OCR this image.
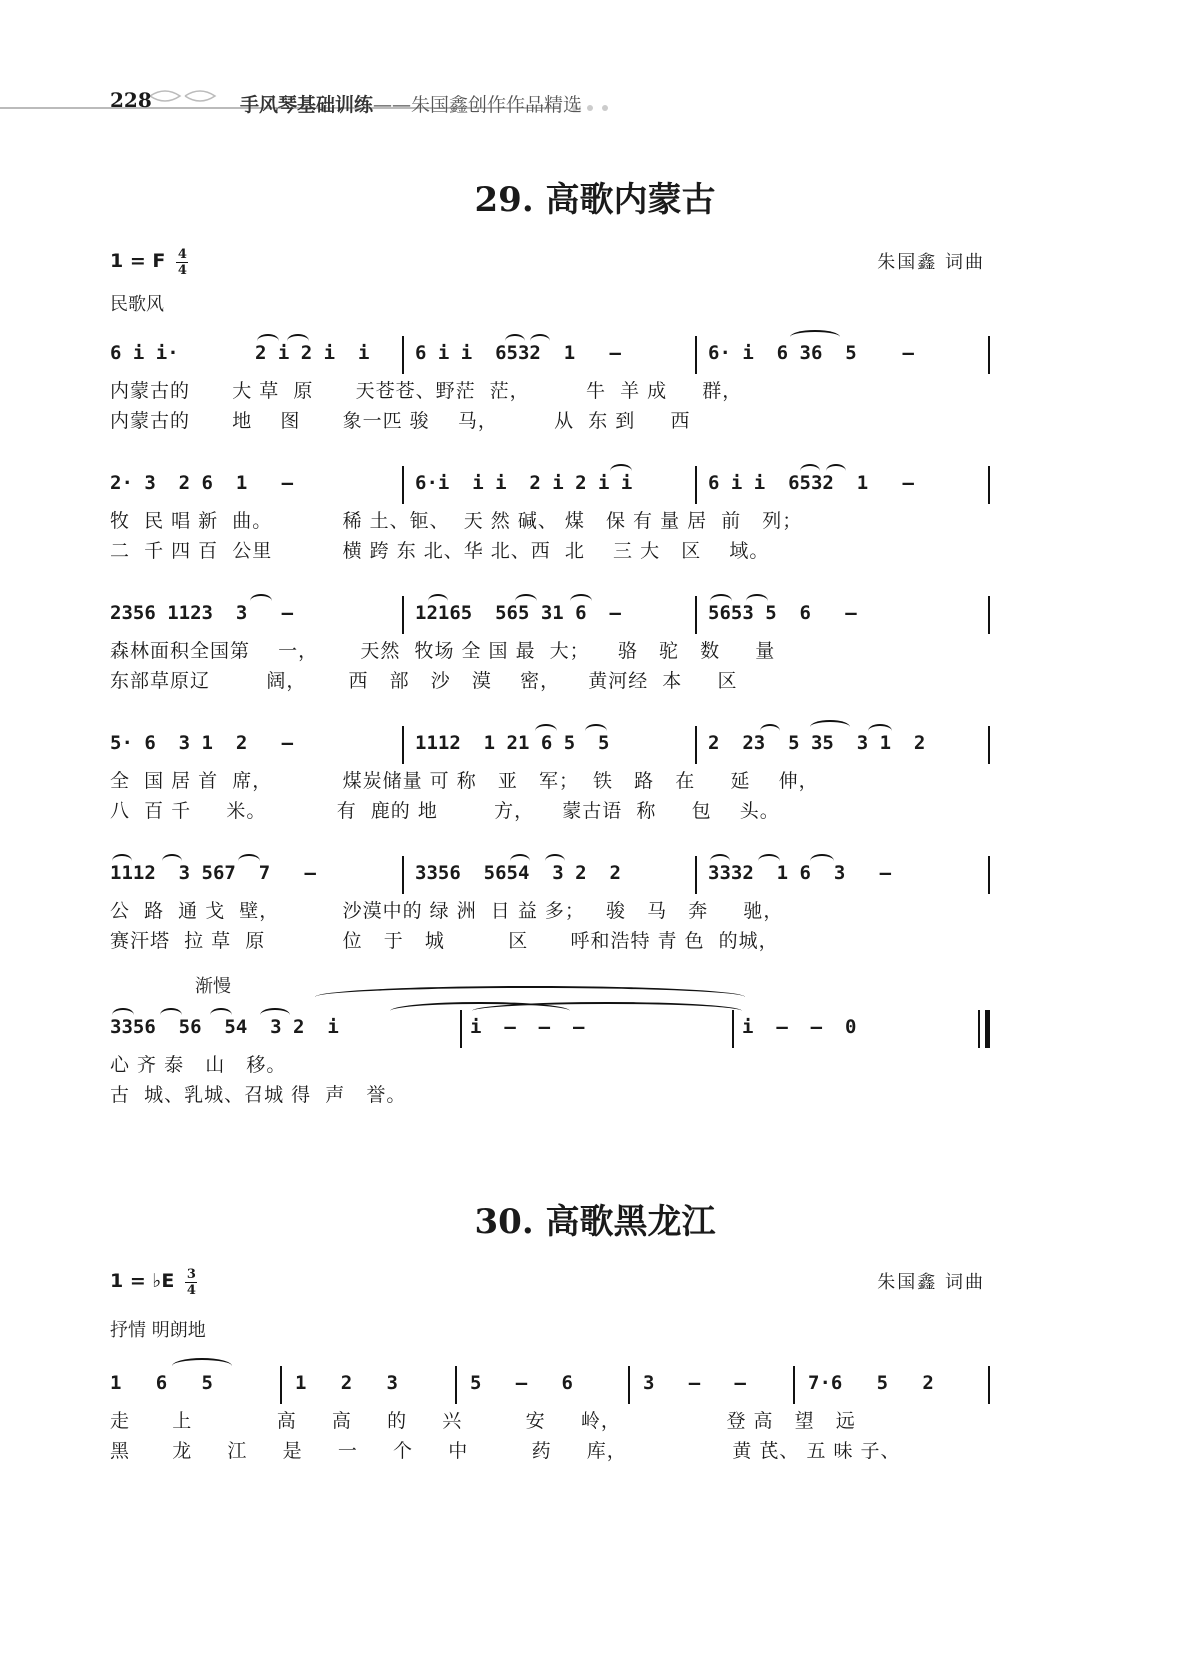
228	手风琴基础训练——朱国鑫创作作品精选
29. 高歌内蒙古
1 = F $\frac{4}{4}$	朱国鑫 词曲
民歌风
6 i i·	2 i 2 i  i 6 i i  6532  1   –	6· i  6 36  5    –
内蒙古的      大 草  原      天苍苍、野茫  茫，        牛  羊 成     群，
内蒙古的      地    图      象一匹 骏    马，        从  东 到     西
2· 3  2 6  1   –	6·i  i i  2 i 2 i i	6 i i  6532  1   –
牧  民 唱 新  曲。          稀 土、钷、  天 然 碱、 煤   保 有 量 居  前   列；
二  千 四 百  公里          横 跨 东 北、华 北、西  北    三 大   区    域。
2356 1123  3   –	12165  565 31 6  –	5653 5  6   –
森林面积全国第    一，      天然  牧场 全 国 最  大；    骆   驼   数     量
东部草原辽        阔，      西   部   沙   漠    密，    黄河经  本     区
5· 6  3 1  2   –	1112  1 21 6 5  5	2  23  5 35  3 1  2
全  国 居 首  席，          煤炭储量 可 称   亚   军；  铁   路   在     延    伸，
八  百 千     米。          有  鹿的 地        方，    蒙古语  称     包    头。
1112  3 567  7   –	3356  5654  3 2  2	3332  1 6  3   –
公  路  通 戈  壁，         沙漠中的 绿 洲  日 益 多；   骏   马   奔     驰，
赛汗塔  拉 草  原           位   于   城         区      呼和浩特 青 色  的城，
渐慢
3356  56  54  3 2  i	i  –  –  –	i  –  –  0
心 齐 泰   山   移。
古  城、乳城、召城 得  声   誉。
30. 高歌黑龙江
1 = ♭E $\frac{3}{4}$	朱国鑫 词曲
抒情 明朗地
1   6   5	1   2   3	5   –   6	3   –   –	7·6   5   2
走      上            高     高     的     兴         安     岭，               登 高   望   远
黑      龙     江     是     一     个     中         药     库，               黄 芪、 五 味 子、
